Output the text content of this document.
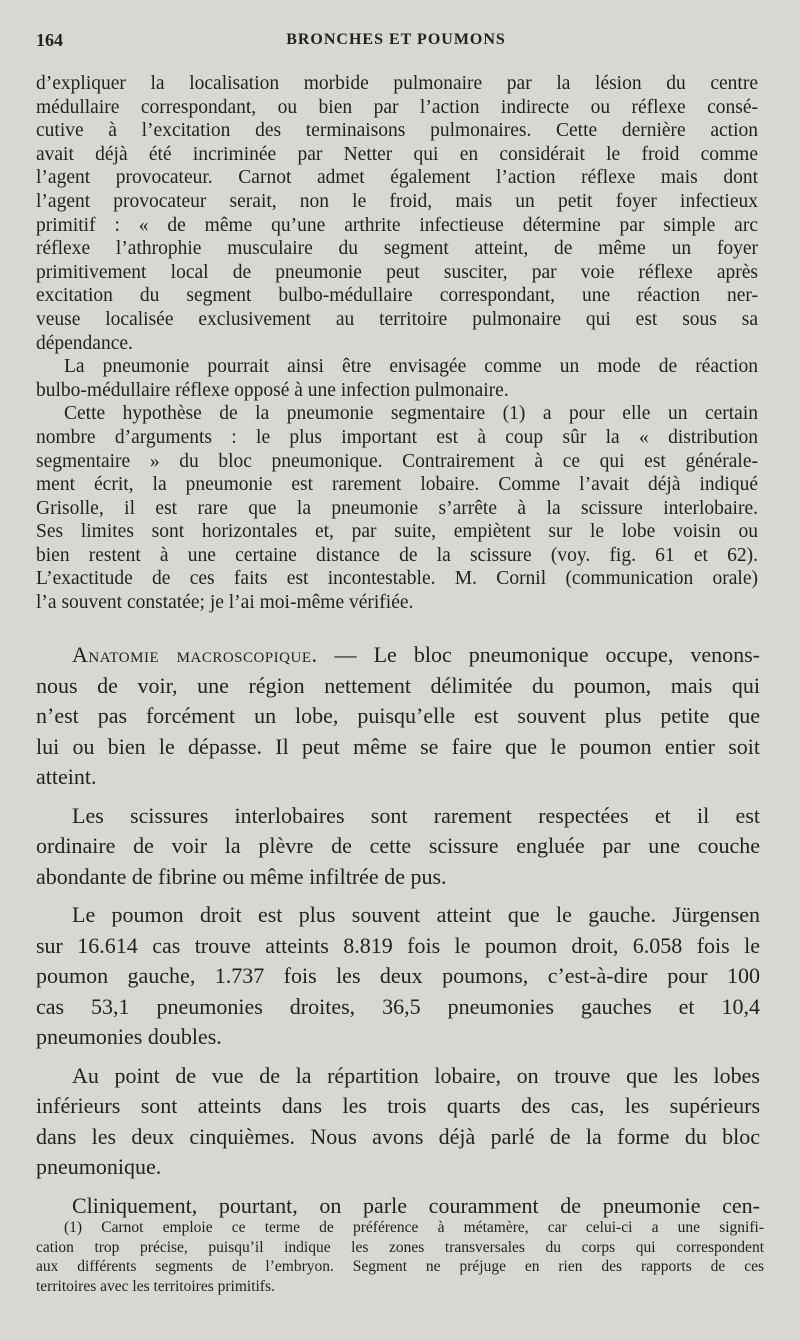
164	BRONCHES ET POUMONS
d’expliquer la localisation morbide pulmonaire par la lésion du centre
médullaire correspondant, ou bien par l’action indirecte ou réflexe consé-
cutive à l’excitation des terminaisons pulmonaires. Cette dernière action
avait déjà été incriminée par Netter qui en considérait le froid comme
l’agent provocateur. Carnot admet également l’action réflexe mais dont
l’agent provocateur serait, non le froid, mais un petit foyer infectieux
primitif : « de même qu’une arthrite infectieuse détermine par simple arc
réflexe l’athrophie musculaire du segment atteint, de même un foyer
primitivement local de pneumonie peut susciter, par voie réflexe après
excitation du segment bulbo-médullaire correspondant, une réaction ner-
veuse localisée exclusivement au territoire pulmonaire qui est sous sa
dépendance.
La pneumonie pourrait ainsi être envisagée comme un mode de réaction
bulbo-médullaire réflexe opposé à une infection pulmonaire.
Cette hypothèse de la pneumonie segmentaire (1) a pour elle un certain
nombre d’arguments : le plus important est à coup sûr la « distribution
segmentaire » du bloc pneumonique. Contrairement à ce qui est générale-
ment écrit, la pneumonie est rarement lobaire. Comme l’avait déjà indiqué
Grisolle, il est rare que la pneumonie s’arrête à la scissure interlobaire.
Ses limites sont horizontales et, par suite, empiètent sur le lobe voisin ou
bien restent à une certaine distance de la scissure (voy. fig. 61 et 62).
L’exactitude de ces faits est incontestable. M. Cornil (communication orale)
l’a souvent constatée; je l’ai moi-même vérifiée.
Anatomie macroscopique. — Le bloc pneumonique occupe, venons-
nous de voir, une région nettement délimitée du poumon, mais qui
n’est pas forcément un lobe, puisqu’elle est souvent plus petite que
lui ou bien le dépasse. Il peut même se faire que le poumon entier soit
atteint.
Les scissures interlobaires sont rarement respectées et il est
ordinaire de voir la plèvre de cette scissure engluée par une couche
abondante de fibrine ou même infiltrée de pus.
Le poumon droit est plus souvent atteint que le gauche. Jürgensen
sur 16.614 cas trouve atteints 8.819 fois le poumon droit, 6.058 fois le
poumon gauche, 1.737 fois les deux poumons, c’est-à-dire pour 100
cas 53,1 pneumonies droites, 36,5 pneumonies gauches et 10,4
pneumonies doubles.
Au point de vue de la répartition lobaire, on trouve que les lobes
inférieurs sont atteints dans les trois quarts des cas, les supérieurs
dans les deux cinquièmes. Nous avons déjà parlé de la forme du bloc
pneumonique.
Cliniquement, pourtant, on parle couramment de pneumonie cen-
(1) Carnot emploie ce terme de préférence à métamère, car celui-ci a une signifi-
cation trop précise, puisqu’il indique les zones transversales du corps qui correspondent
aux différents segments de l’embryon. Segment ne préjuge en rien des rapports de ces
territoires avec les territoires primitifs.
